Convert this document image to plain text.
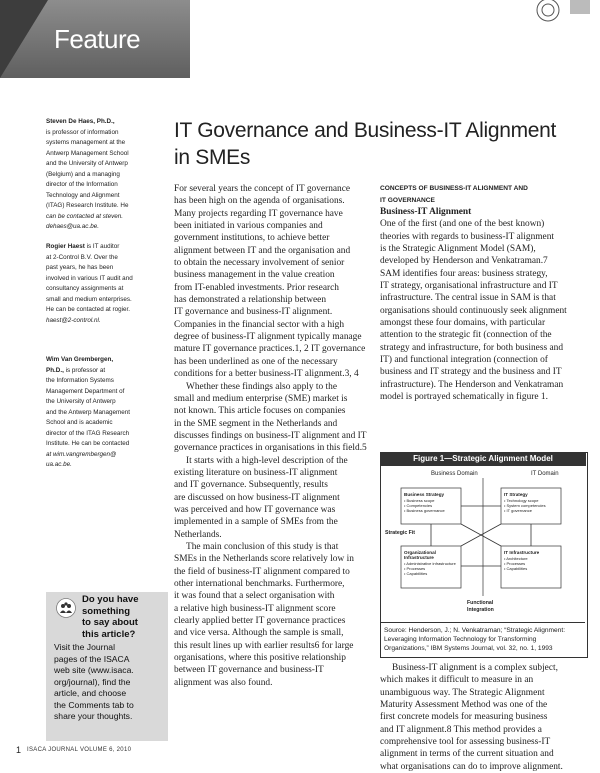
Feature

Steven De Haes, Ph.D.,

is professor of information

systems management at the

Antwerp Management School

and the University of Antwerp

(Belgium) and a managing

director of the Information

Technology and Alignment

(ITAG) Research Institute. He

can be contacted at steven.

dehaes@ua.ac.be.

Rogier Haest is IT auditor

at 2-Control B.V. Over the

past years, he has been

involved in various IT audit and

consultancy assignments at

small and medium enterprises.

He can be contacted at rogier.

haest@2-control.nl.

Wim Van Grembergen,

Ph.D., is professor at

the Information Systems

Management Department of

the University of Antwerp

and the Antwerp Management

School and is academic

director of the ITAG Research

Institute. He can be contacted

at wim.vangrembergen@

ua.ac.be.

Do you have
something
to say about
this article?
Visit the Journal
pages of the ISACA
web site (www.isaca.
org/journal), find the
article, and choose
the Comments tab to
share your thoughts.
IT Governance and Business-IT Alignment in SMEs
For several years the concept of IT governance
has been high on the agenda of organisations.
Many projects regarding IT governance have
been initiated in various companies and
government institutions, to achieve better
alignment between IT and the organisation and
to obtain the necessary involvement of senior
business management in the value creation
from IT-enabled investments. Prior research
has demonstrated a relationship between
IT governance and business-IT alignment.
Companies in the financial sector with a high
degree of business-IT alignment typically manage
mature IT governance practices.1, 2 IT governance
has been underlined as one of the necessary
conditions for a better business-IT alignment.3, 4
Whether these findings also apply to the
small and medium enterprise (SME) market is
not known. This article focuses on companies
in the SME segment in the Netherlands and
discusses findings on business-IT alignment and IT
governance practices in organisations in this field.5
It starts with a high-level description of the
existing literature on business-IT alignment
and IT governance. Subsequently, results
are discussed on how business-IT alignment
was perceived and how IT governance was
implemented in a sample of SMEs from the
Netherlands.
The main conclusion of this study is that
SMEs in the Netherlands score relatively low in
the field of business-IT alignment compared to
other international benchmarks. Furthermore,
it was found that a select organisation with
a relative high business-IT alignment score
clearly applied better IT governance practices
and vice versa. Although the sample is small,
this result lines up with earlier results6 for large
organisations, where this positive relationship
between IT governance and business-IT
alignment was also found.
CONCEPTS OF BUSINESS-IT ALIGNMENT AND
IT GOVERNANCE
Business-IT Alignment
One of the first (and one of the best known)
theories with regards to business-IT alignment
is the Strategic Alignment Model (SAM),
developed by Henderson and Venkatraman.7
SAM identifies four areas: business strategy,
IT strategy, organisational infrastructure and IT
infrastructure. The central issue in SAM is that
organisations should continuously seek alignment
amongst these four domains, with particular
attention to the strategic fit (connection of the
strategy and infrastructure, for both business and
IT) and functional integration (connection of
business and IT strategy and the business and IT
infrastructure). The Henderson and Venkatraman
model is portrayed schematically in figure 1.
Figure 1—Strategic Alignment Model
Business Domain	IT Domain
Business Strategy
• Business scope
• Competencies
• Business governance
IT Strategy
• Technology scope
• System competencies
• IT governance
Organizational
Infrastructure
• Administrative infrastructure
• Processes
• Capabilities
IT Infrastructure
• Architecture
• Processes
• Capabilities
Strategic Fit
Functional
Integration
Source: Henderson, J.; N. Venkatraman; “Strategic Alignment:
Leveraging Information Technology for Transforming
Organizations,” IBM Systems Journal, vol. 32, no. 1, 1993
Business-IT alignment is a complex subject,
which makes it difficult to measure in an
unambiguous way. The Strategic Alignment
Maturity Assessment Method was one of the
first concrete models for measuring business
and IT alignment.8 This method provides a
comprehensive tool for assessing business-IT
alignment in terms of the current situation and
what organisations can do to improve alignment.
1 ISACA JOURNAL VOLUME 6, 2010
